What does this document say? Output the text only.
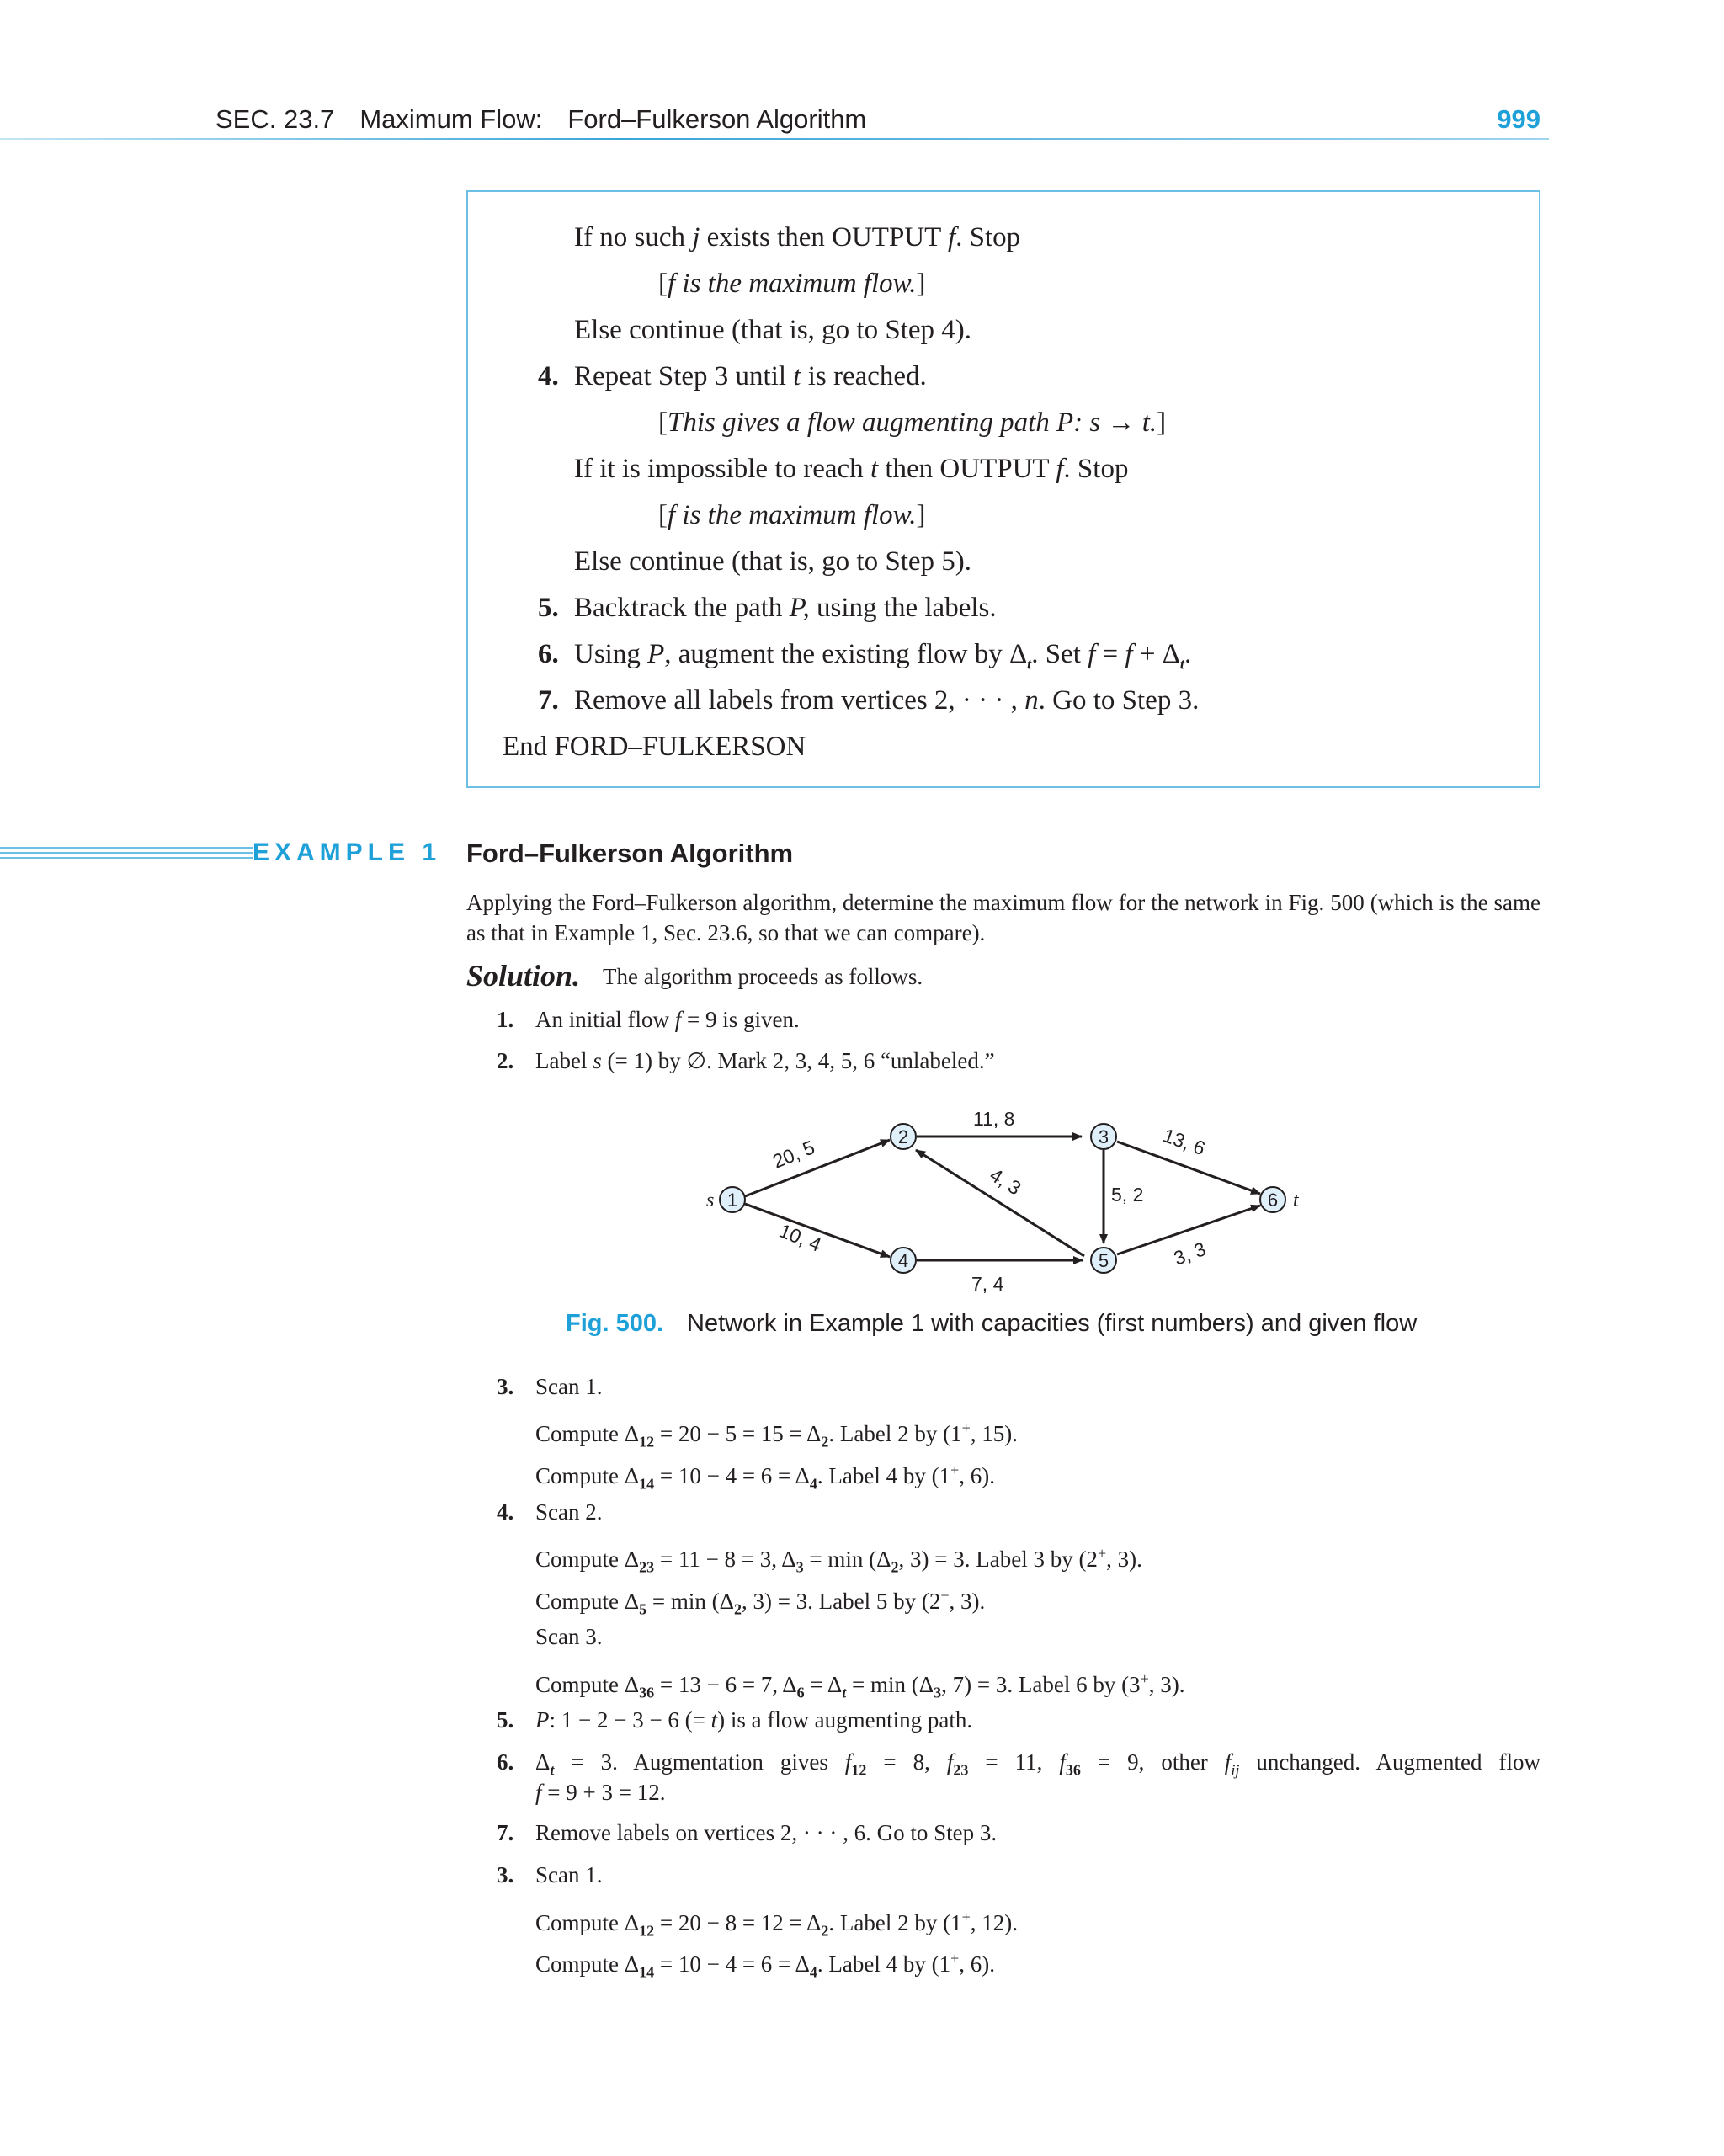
SEC. 23.7 Maximum Flow: Ford–Fulkerson Algorithm	999
If no such j exists then OUTPUT f. Stop
[f is the maximum flow.]
Else continue (that is, go to Step 4).
4. Repeat Step 3 until t is reached.
[This gives a flow augmenting path P: s → t.]
If it is impossible to reach t then OUTPUT f. Stop
[f is the maximum flow.]
Else continue (that is, go to Step 5).
5. Backtrack the path P, using the labels.
6. Using P, augment the existing flow by $\Delta_t$. Set $f = f + \Delta_t$.
7. Remove all labels from vertices 2, · · · , n. Go to Step 3.
End FORD–FULKERSON
EXAMPLE 1 Ford–Fulkerson Algorithm
Applying the Ford–Fulkerson algorithm, determine the maximum flow for the network in Fig. 500 (which is the same as that in Example 1, Sec. 23.6, so that we can compare).
Solution. The algorithm proceeds as follows.
1. An initial flow f = 9 is given.
2. Label s (= 1) by ∅. Mark 2, 3, 4, 5, 6 “unlabeled.”
1
2	3
4	5
6
s	t
20, 5
10, 4
11, 8
4, 3	5, 2
13, 6
7, 4
3, 3
Fig. 500. Network in Example 1 with capacities (first numbers) and given flow
3. Scan 1.
Compute $\Delta_{12} = 20 - 5 = 15 = \Delta_2$. Label 2 by (1+, 15).
Compute $\Delta_{14} = 10 - 4 = 6 = \Delta_4$. Label 4 by (1+, 6).
4. Scan 2.
Compute $\Delta_{23} = 11 - 8 = 3$, $\Delta_3 = \min (\Delta_2$, 3) = 3. Label 3 by (2+, 3).
Compute $\Delta_5 = \min (\Delta_2$, 3) = 3. Label 5 by (2−, 3).
Scan 3.
Compute $\Delta_{36} = 13 - 6 = 7$, $\Delta_6 = \Delta_t = \min (\Delta_3$, 7) = 3. Label 6 by (3+, 3).
5. P: 1 − 2 − 3 − 6 (= t) is a flow augmenting path.
6. $\Delta_t = 3$. Augmentation gives $f_{12} = 8$, $f_{23} = 11$, $f_{36} = 9$, other $f_{ij}$ unchanged. Augmented flow
f = 9 + 3 = 12.
7. Remove labels on vertices 2, · · · , 6. Go to Step 3.
3. Scan 1.
Compute $\Delta_{12} = 20 - 8 = 12 = \Delta_2$. Label 2 by (1+, 12).
Compute $\Delta_{14} = 10 - 4 = 6 = \Delta_4$. Label 4 by (1+, 6).
